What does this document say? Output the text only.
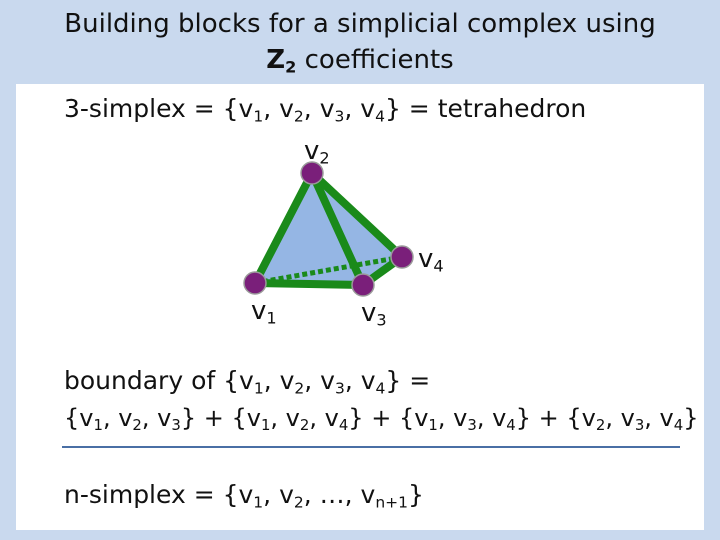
Building blocks for a simplicial complex using
$Z_2$ coefficients
3-simplex = {$v_1$, $v_2$, $v_3$, $v_4$} = tetrahedron
$v_2$
$v_4$
$v_1$	$v_3$
boundary of {$v_1$, $v_2$, $v_3$, $v_4$} =
{$v_1$, $v_2$, $v_3\} + \{v_1$, $v_2$, $v_4\} + \{v_1$, $v_3$, $v_4\} + \{v_2$, $v_3$, $v_4$}
n-simplex = {$v_1$, $v_2$, …, $v_{n+1}$}
